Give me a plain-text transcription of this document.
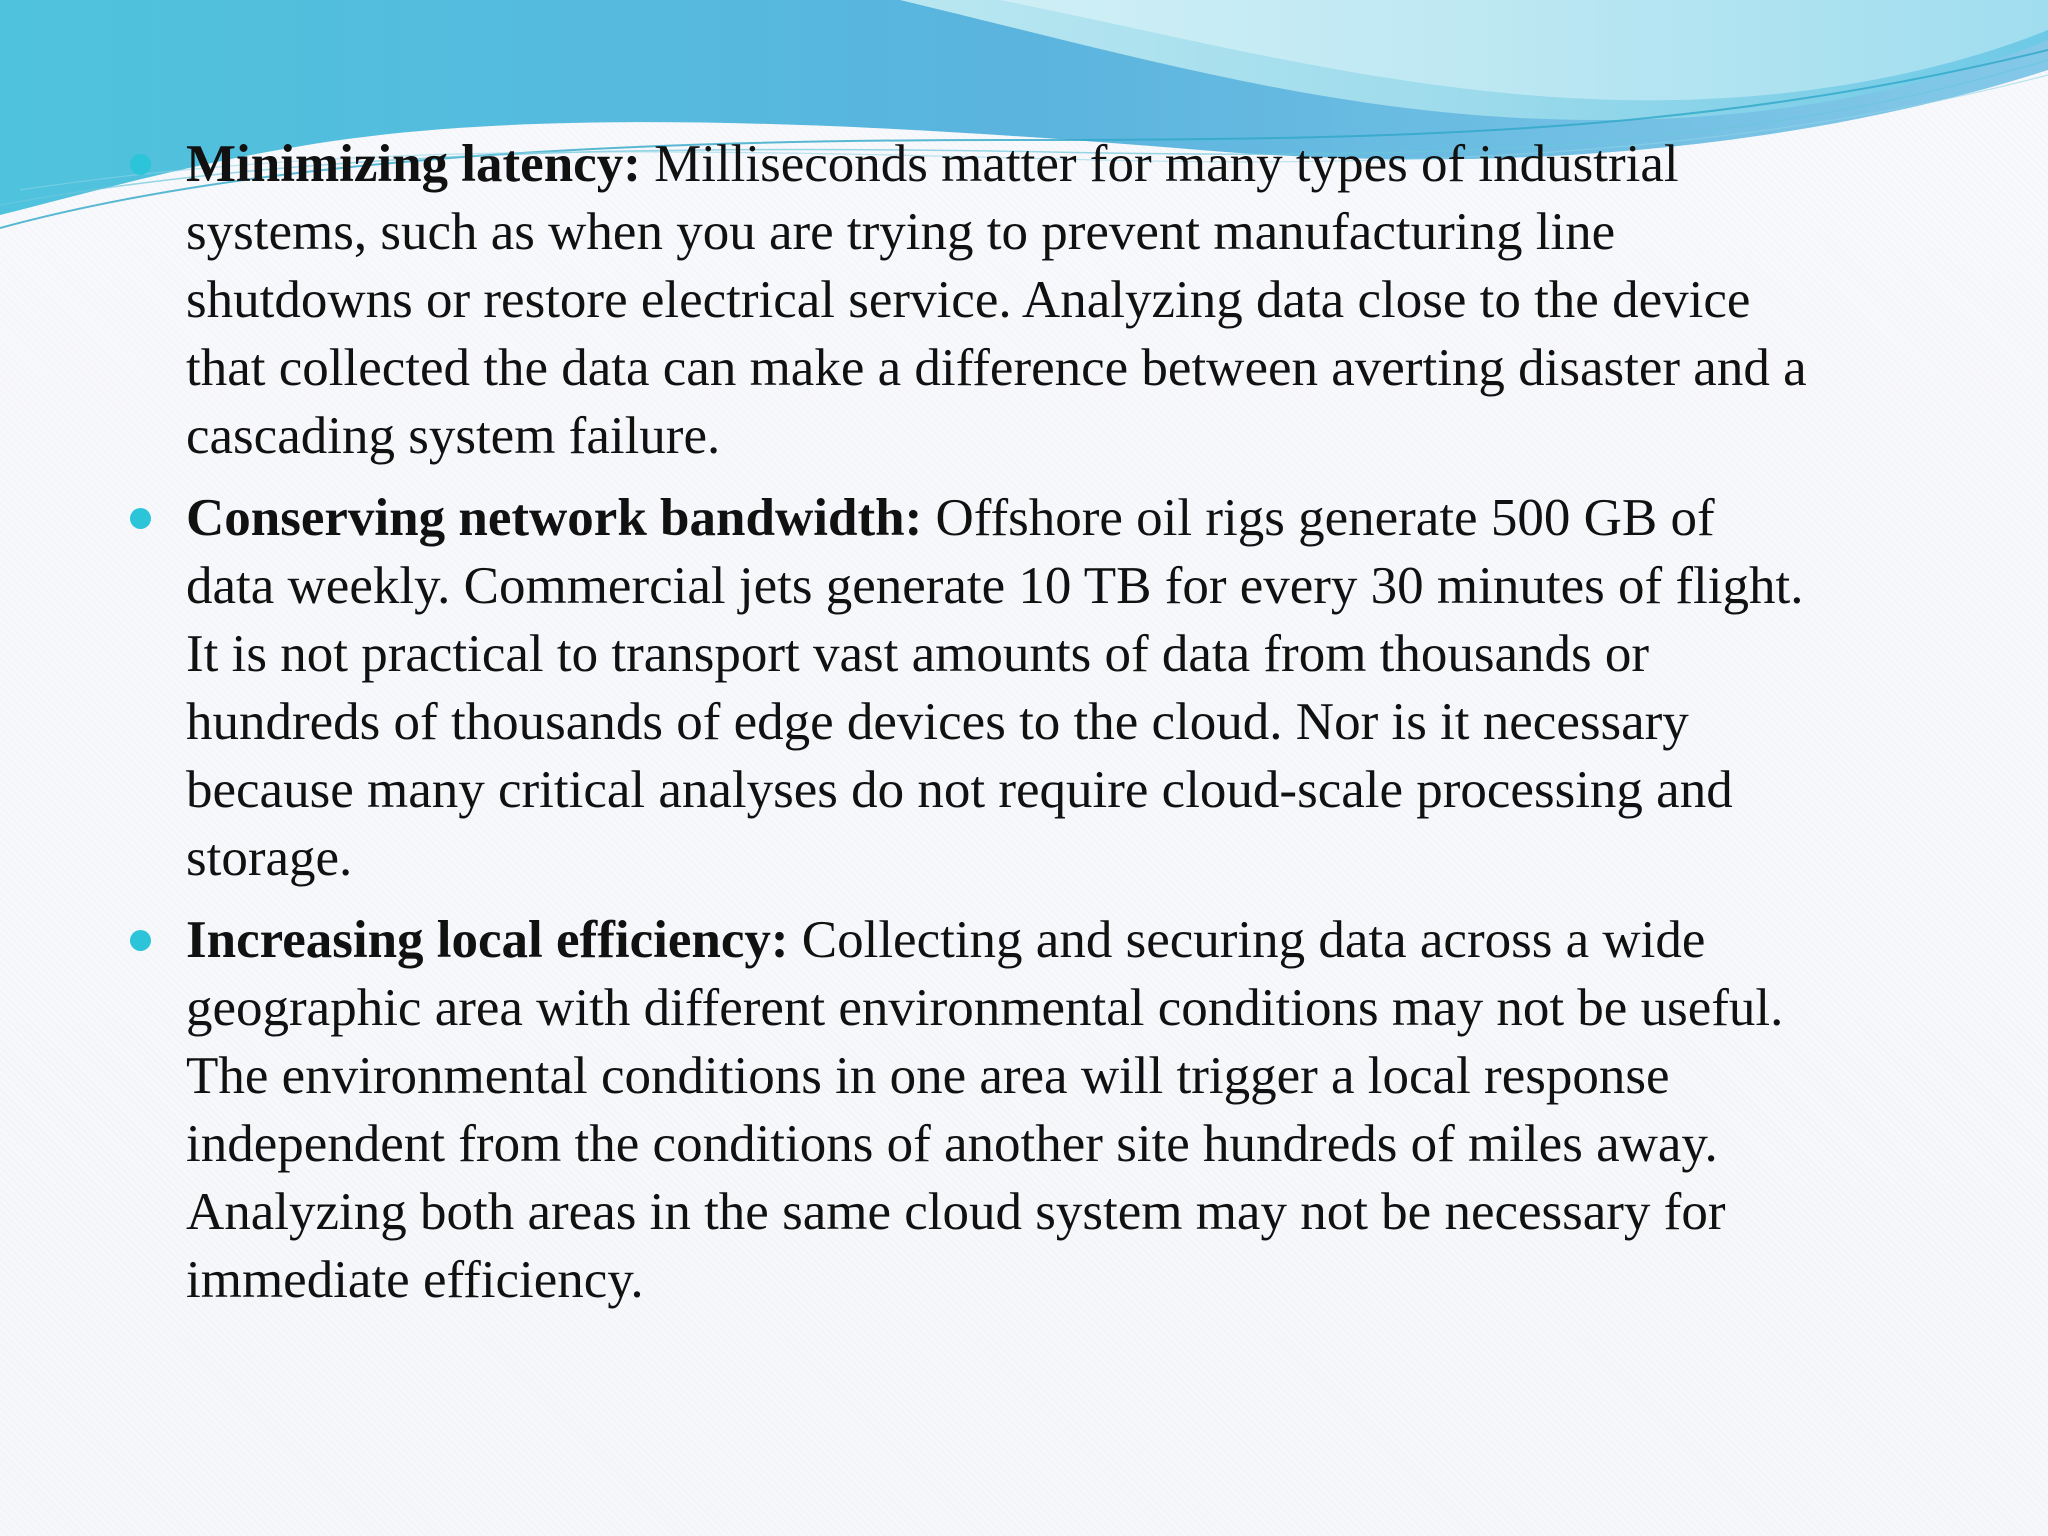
Minimizing latency: Milliseconds matter for many types of industrial
systems, such as when you are trying to prevent manufacturing line
shutdowns or restore electrical service. Analyzing data close to the device
that collected the data can make a difference between averting disaster and a
cascading system failure.
Conserving network bandwidth: Offshore oil rigs generate 500 GB of
data weekly. Commercial jets generate 10 TB for every 30 minutes of flight.
It is not practical to transport vast amounts of data from thousands or
hundreds of thousands of edge devices to the cloud. Nor is it necessary
because many critical analyses do not require cloud-scale processing and
storage.
Increasing local efficiency: Collecting and securing data across a wide
geographic area with different environmental conditions may not be useful.
The environmental conditions in one area will trigger a local response
independent from the conditions of another site hundreds of miles away.
Analyzing both areas in the same cloud system may not be necessary for
immediate efficiency.
